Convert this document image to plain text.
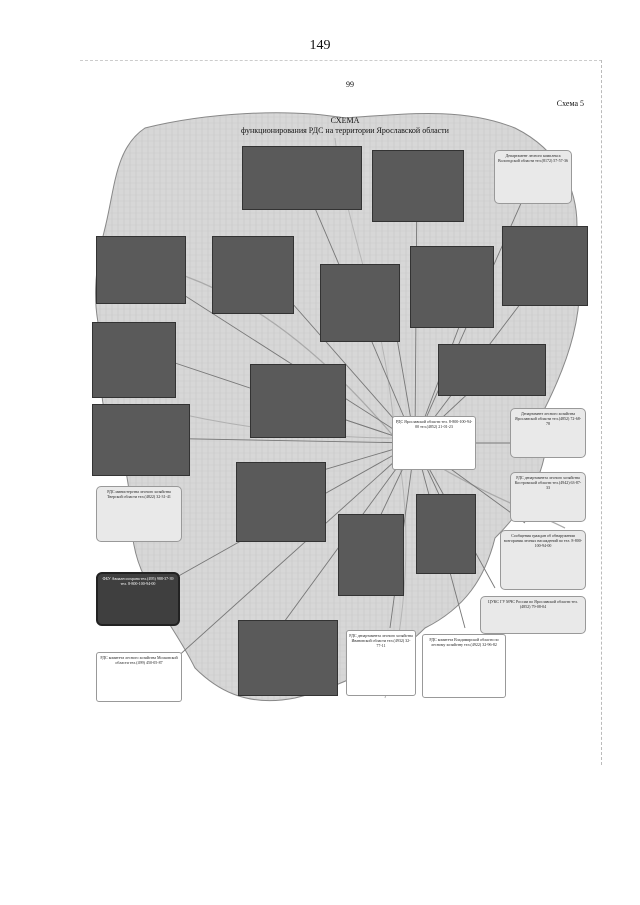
149
99
Схема 5
СХЕМА
функционирования РДС на территории Ярославской области
Департамент лесного комплекса Вологодской области тел.(8172) 57-57-36
РДС Ярославской области тел. 8-800-100-94-00 тел.(4852) 21-01-23
Департамент лесного хозяйства Ярославской области тел.(4852) 72-68-78
РДС министерства лесного хозяйства Тверской области тел.(4822) 32-31-41
РДС департамента лесного хозяйства Костромской области тел.(4942) 63-87-33
Сообщения граждан об обнаружении возгорания лесных насаждений по тел. 8-800-100-94-00
ФБУ Авиалесоохрана тел.(495) 988-37-39 тел. 8-800-100-94-00
ЦУКС ГУ МЧС России по Ярославской области тел.(4852) 79-08-04
РДС департамента лесного хозяйства Ивановской области тел.(4932) 32-77-11
РДС комитета Владимирской области по лесному хозяйству тел.(4922) 32-96-82
РДС комитета лесного хозяйства Московской области тел.(499) 450-05-87
